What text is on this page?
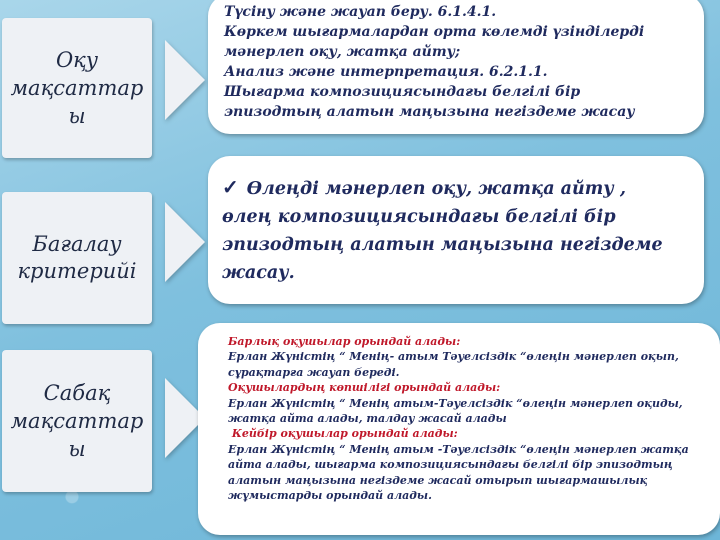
Оқу
мақсаттар
ы
Бағалау
критерийі
Сабақ
мақсаттар
ы

Түсіну және жауап беру. 6.1.4.1.

Көркем шығармалардан орта көлемді үзінділерді

мәнерлеп оқу, жатқа айту;

Анализ және интерпретация. 6.2.1.1.

Шығарма композициясындағы белгілі бір

эпизодтың алатын маңызына негіздеме жасау

✓ Өлеңді мәнерлеп оқу, жатқа айту ,

өлең композициясындағы белгілі бір

эпизодтың алатын маңызына негіздеме

жасау.

Барлық оқушылар орындай алады:

Ерлан Жүністің “ Менің- атым Тәуелсіздік “өлеңін мәнерлеп оқып,

сұрақтарға жауап береді.

Оқушылардың көпшілігі орындай алады:

Ерлан Жүністің “ Менің атым-Тәуелсіздік “өлеңін мәнерлеп оқиды,

жатқа айта алады, талдау жасай алады

Кейбір оқушылар орындай алады:

Ерлан Жүністің “ Менің атым -Тәуелсіздік “өлеңін мәнерлеп жатқа

айта алады, шығарма композициясындағы белгілі бір эпизодтың

алатын маңызына негіздеме жасай отырып шығармашылық

жұмыстарды орындай алады.
